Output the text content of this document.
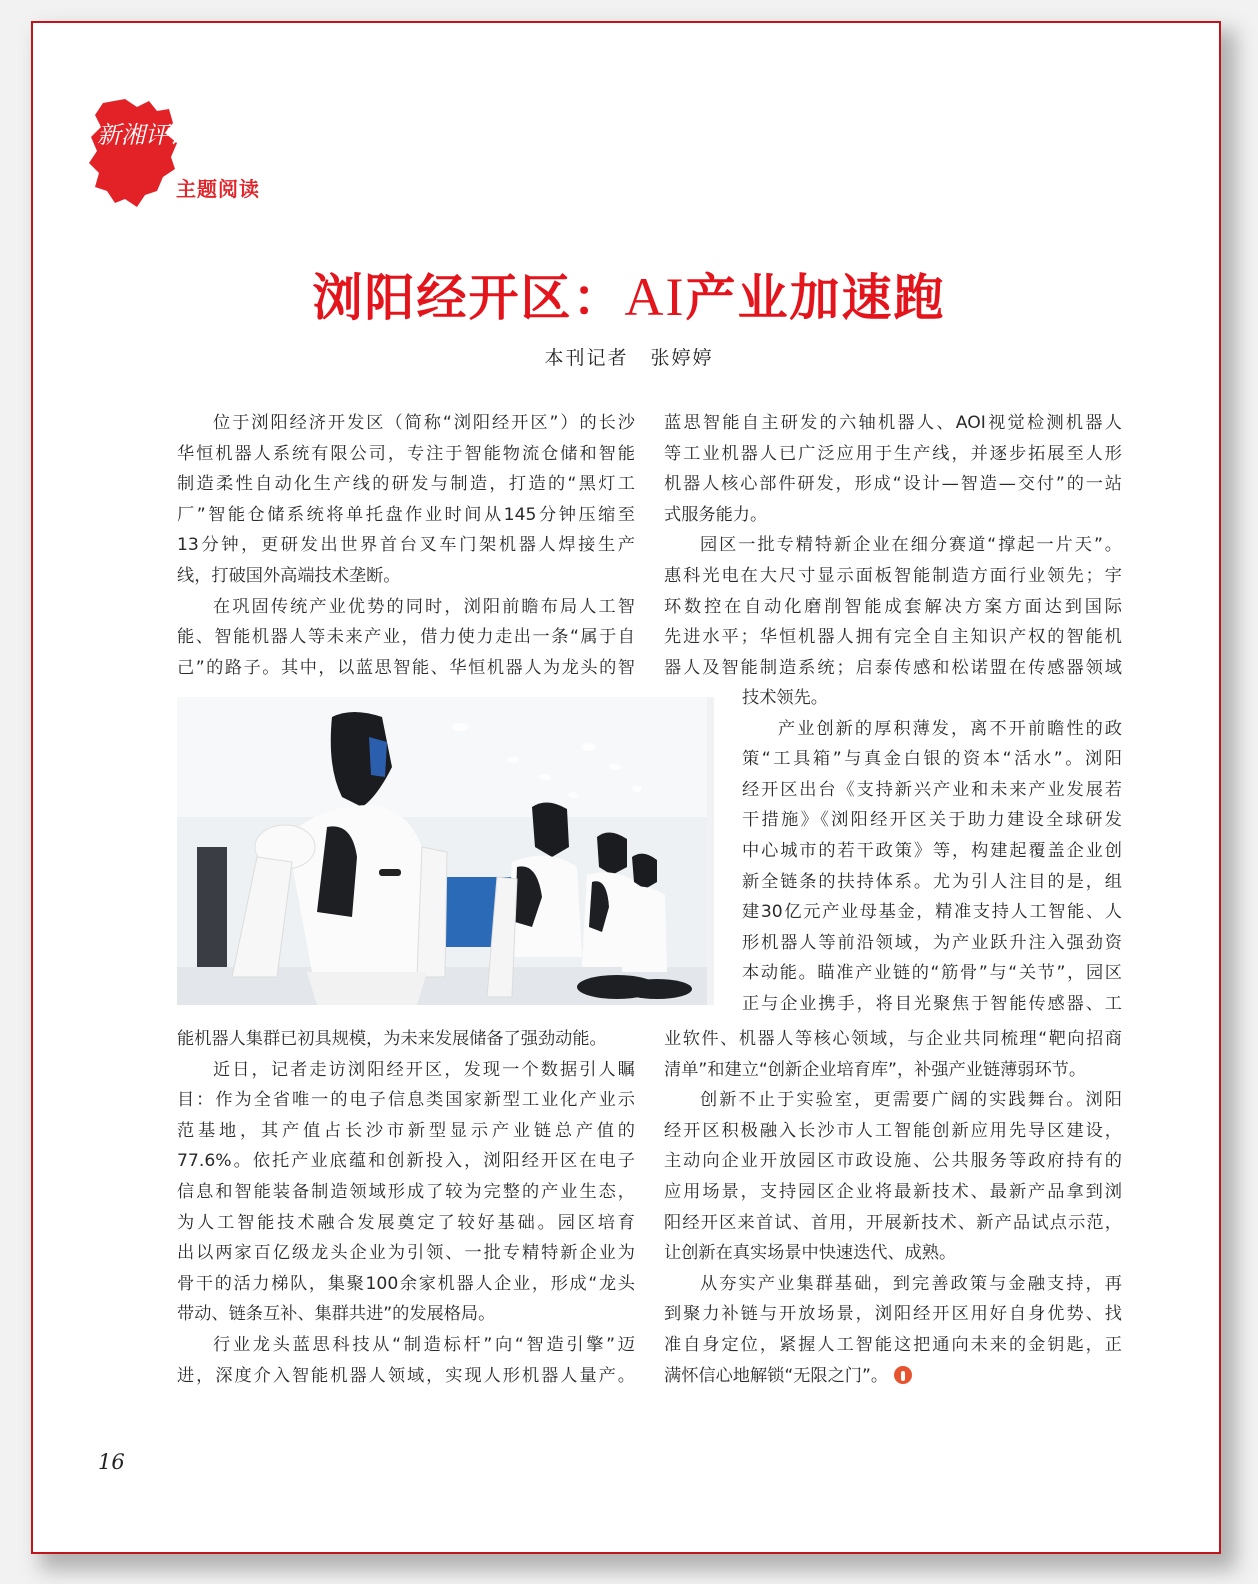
新湘评论
主题阅读
浏阳经开区：AI产业加速跑
本刊记者 张婷婷
位于浏阳经济开发区（简称“浏阳经开区”）的长沙
华恒机器人系统有限公司，专注于智能物流仓储和智能
制造柔性自动化生产线的研发与制造，打造的“黑灯工
厂”智能仓储系统将单托盘作业时间从145分钟压缩至
13分钟，更研发出世界首台叉车门架机器人焊接生产
线，打破国外高端技术垄断。
在巩固传统产业优势的同时，浏阳前瞻布局人工智
能、智能机器人等未来产业，借力使力走出一条“属于自
己”的路子。其中，以蓝思智能、华恒机器人为龙头的智
能机器人集群已初具规模，为未来发展储备了强劲动能。
近日，记者走访浏阳经开区，发现一个数据引人瞩
目：作为全省唯一的电子信息类国家新型工业化产业示
范基地，其产值占长沙市新型显示产业链总产值的
77.6%。依托产业底蕴和创新投入，浏阳经开区在电子
信息和智能装备制造领域形成了较为完整的产业生态，
为人工智能技术融合发展奠定了较好基础。园区培育
出以两家百亿级龙头企业为引领、一批专精特新企业为
骨干的活力梯队，集聚100余家机器人企业，形成“龙头
带动、链条互补、集群共进”的发展格局。
行业龙头蓝思科技从“制造标杆”向“智造引擎”迈
进，深度介入智能机器人领域，实现人形机器人量产。
蓝思智能自主研发的六轴机器人、AOI视觉检测机器人
等工业机器人已广泛应用于生产线，并逐步拓展至人形
机器人核心部件研发，形成“设计—智造—交付”的一站
式服务能力。
园区一批专精特新企业在细分赛道“撑起一片天”。
惠科光电在大尺寸显示面板智能制造方面行业领先；宇
环数控在自动化磨削智能成套解决方案方面达到国际
先进水平；华恒机器人拥有完全自主知识产权的智能机
器人及智能制造系统；启泰传感和松诺盟在传感器领域
技术领先。
产业创新的厚积薄发，离不开前瞻性的政
策“工具箱”与真金白银的资本“活水”。浏阳
经开区出台《支持新兴产业和未来产业发展若
干措施》《浏阳经开区关于助力建设全球研发
中心城市的若干政策》等，构建起覆盖企业创
新全链条的扶持体系。尤为引人注目的是，组
建30亿元产业母基金，精准支持人工智能、人
形机器人等前沿领域，为产业跃升注入强劲资
本动能。瞄准产业链的“筋骨”与“关节”，园区
正与企业携手，将目光聚焦于智能传感器、工
业软件、机器人等核心领域，与企业共同梳理“靶向招商
清单”和建立“创新企业培育库”，补强产业链薄弱环节。
创新不止于实验室，更需要广阔的实践舞台。浏阳
经开区积极融入长沙市人工智能创新应用先导区建设，
主动向企业开放园区市政设施、公共服务等政府持有的
应用场景，支持园区企业将最新技术、最新产品拿到浏
阳经开区来首试、首用，开展新技术、新产品试点示范，
让创新在真实场景中快速迭代、成熟。
从夯实产业集群基础，到完善政策与金融支持，再
到聚力补链与开放场景，浏阳经开区用好自身优势、找
准自身定位，紧握人工智能这把通向未来的金钥匙，正
满怀信心地解锁“无限之门”。
16
